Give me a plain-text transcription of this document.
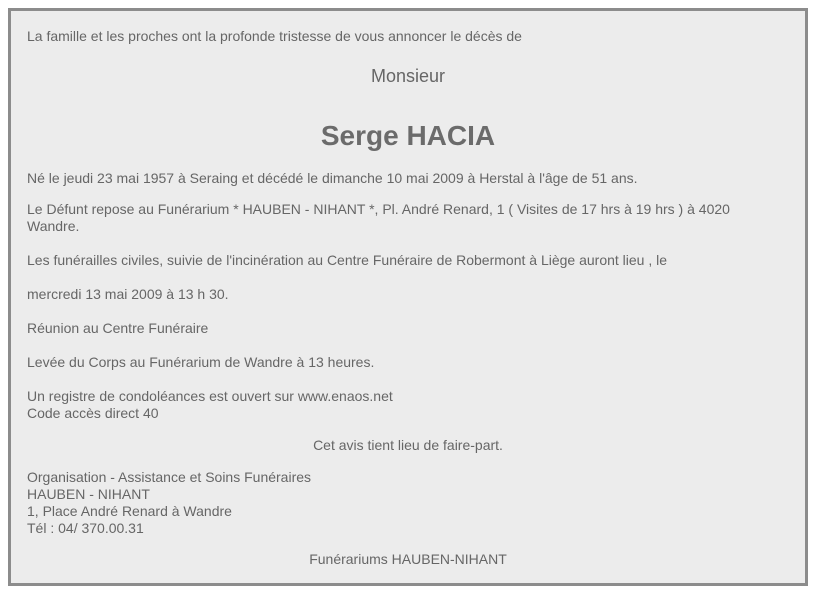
La famille et les proches ont la profonde tristesse de vous annoncer le décès de
Monsieur
Serge HACIA
Né le jeudi 23 mai 1957 à Seraing et décédé le dimanche 10 mai 2009 à Herstal à l'âge de 51 ans.
Le Défunt repose au Funérarium * HAUBEN - NIHANT *, Pl. André Renard, 1 ( Visites de 17 hrs à 19 hrs ) à 4020 Wandre.
Les funérailles civiles, suivie de l'incinération au Centre Funéraire de Robermont à Liège auront lieu , le
mercredi 13 mai 2009 à 13 h 30.
Réunion au Centre Funéraire
Levée du Corps au Funérarium de Wandre à 13 heures.
Un registre de condoléances est ouvert sur www.enaos.net
Code accès direct 40
Cet avis tient lieu de faire-part.
Organisation - Assistance et Soins Funéraires
HAUBEN - NIHANT
1, Place André Renard à Wandre
Tél : 04/ 370.00.31
Funérariums HAUBEN-NIHANT
